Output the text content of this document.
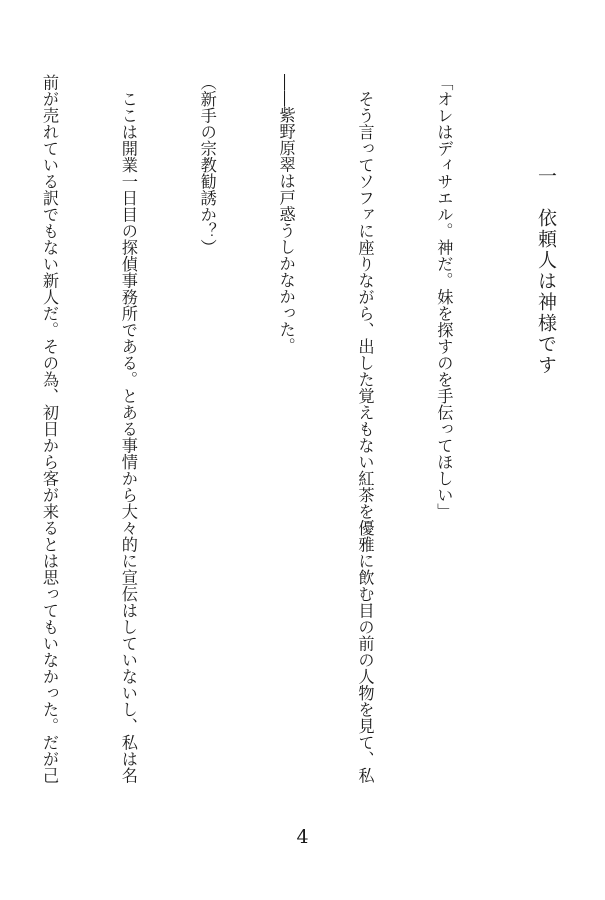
一　依頼人は神様です

「オレはディサエル。神だ。妹を探すのを手伝ってほしい」

　そう言ってソファに座りながら、出した覚えもない紅茶を優雅に飲む目の前の人物を見て、私

――紫野原翠は戸惑うしかなかった。

（新手の宗教勧誘か？）

　ここは開業一日目の探偵事務所である。とある事情から大々的に宣伝はしていないし、私は名

前が売れている訳でもない新人だ。その為、初日から客が来るとは思ってもいなかった。だが己

4
